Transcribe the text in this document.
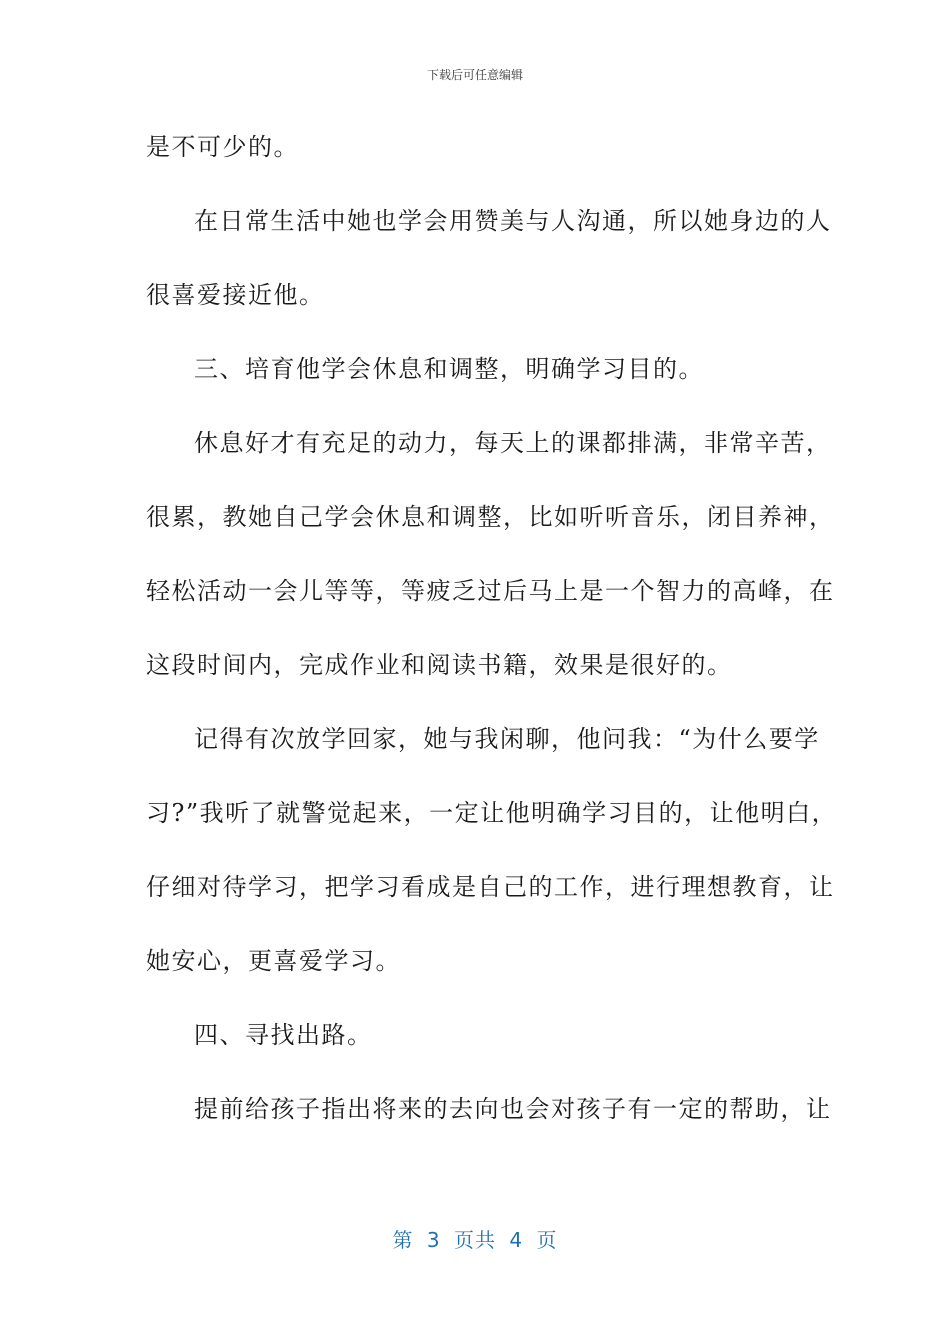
下载后可任意编辑
是不可少的。
在日常生活中她也学会用赞美与人沟通，所以她身边的人
很喜爱接近他。
三、培育他学会休息和调整，明确学习目的。
休息好才有充足的动力，每天上的课都排满，非常辛苦，
很累，教她自己学会休息和调整，比如听听音乐，闭目养神，
轻松活动一会儿等等，等疲乏过后马上是一个智力的高峰，在
这段时间内，完成作业和阅读书籍，效果是很好的。
记得有次放学回家，她与我闲聊，他问我：“为什么要学
习?”我听了就警觉起来，一定让他明确学习目的，让他明白，
仔细对待学习，把学习看成是自己的工作，进行理想教育，让
她安心，更喜爱学习。
四、寻找出路。
提前给孩子指出将来的去向也会对孩子有一定的帮助，让
第 3 页共 4 页
